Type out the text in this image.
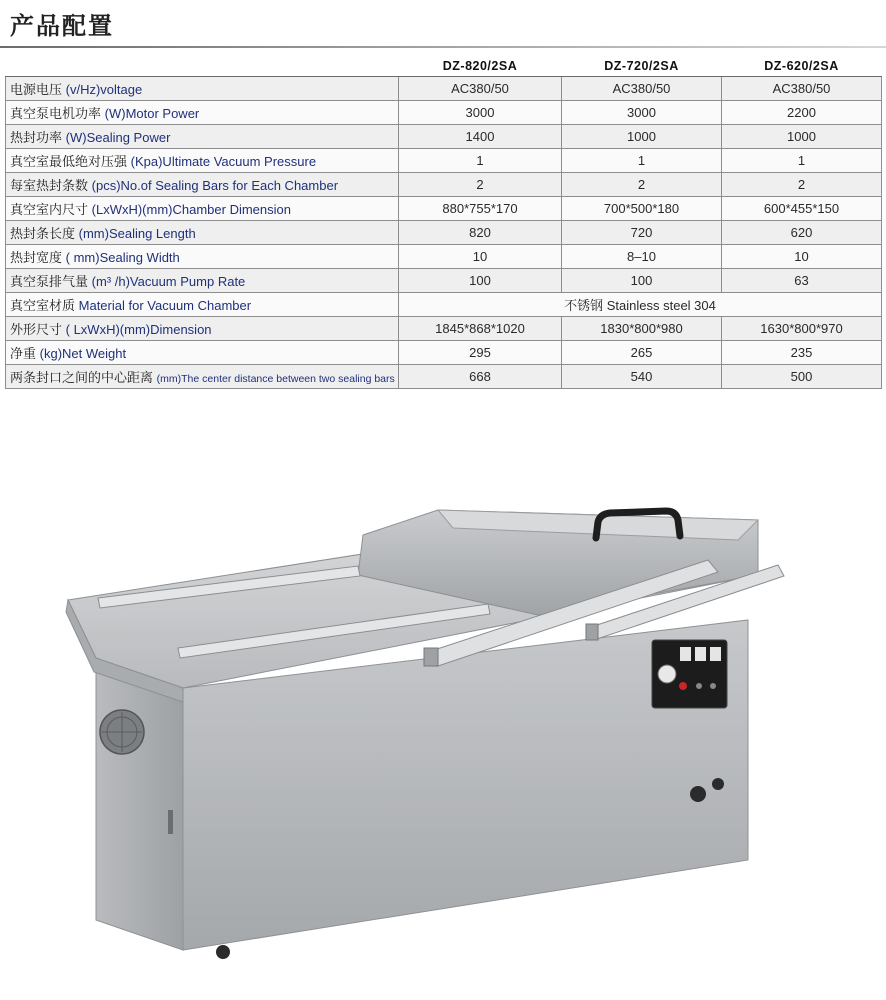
产品配置
	DZ-820/2SA	DZ-720/2SA	DZ-620/2SA
电源电压 (v/Hz)voltage	AC380/50	AC380/50	AC380/50
真空泵电机功率 (W)Motor Power	3000	3000	2200
热封功率 (W)Sealing Power	1400	1000	1000
真空室最低绝对压强 (Kpa)Ultimate Vacuum Pressure	1	1	1
每室热封条数 (pcs)No.of Sealing Bars for Each Chamber	2	2	2
真空室内尺寸 (LxWxH)(mm)Chamber Dimension	880*755*170	700*500*180	600*455*150
热封条长度 (mm)Sealing Length	820	720	620
热封宽度 ( mm)Sealing Width	10	8–10	10
真空泵排气量 (m³ /h)Vacuum Pump Rate	100	100	63
真空室材质 Material for Vacuum Chamber	不锈钢 Stainless steel 304		
外形尺寸 ( LxWxH)(mm)Dimension	1845*868*1020	1830*800*980	1630*800*970
净重 (kg)Net Weight	295	265	235
两条封口之间的中心距离 (mm)The center distance between two sealing bars	668	540	500
